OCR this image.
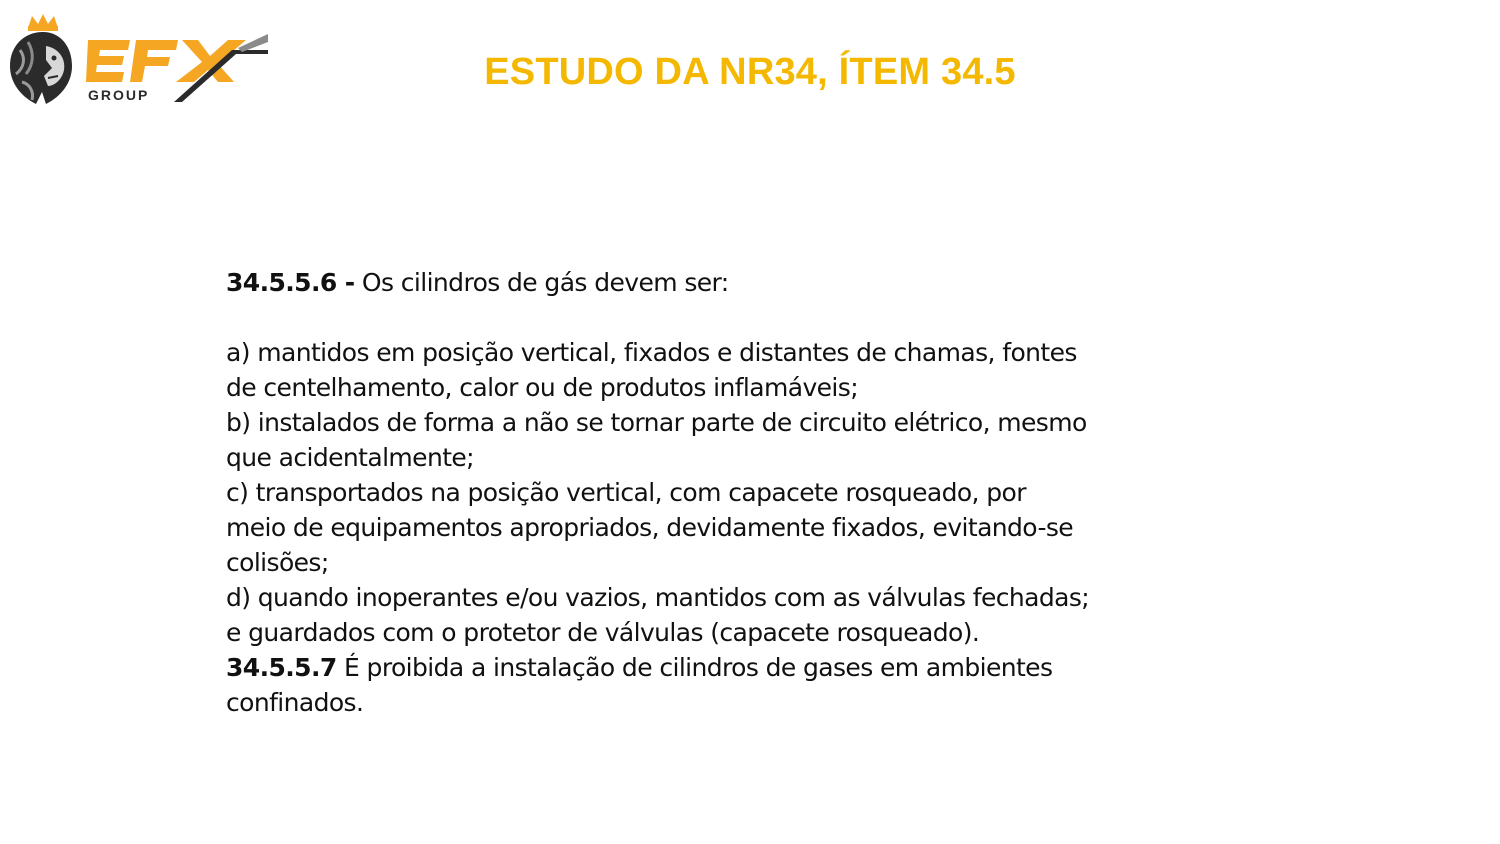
GROUP
ESTUDO DA NR34, ÍTEM 34.5

34.5.5.6 - Os cilindros de gás devem ser:

a) mantidos em posição vertical, fixados e distantes de chamas, fontes

de centelhamento, calor ou de produtos inflamáveis;

b) instalados de forma a não se tornar parte de circuito elétrico, mesmo

que acidentalmente;

c) transportados na posição vertical, com capacete rosqueado, por

meio de equipamentos apropriados, devidamente fixados, evitando-se

colisões;

d) quando inoperantes e/ou vazios, mantidos com as válvulas fechadas;

e guardados com o protetor de válvulas (capacete rosqueado).

34.5.5.7 É proibida a instalação de cilindros de gases em ambientes

confinados.
